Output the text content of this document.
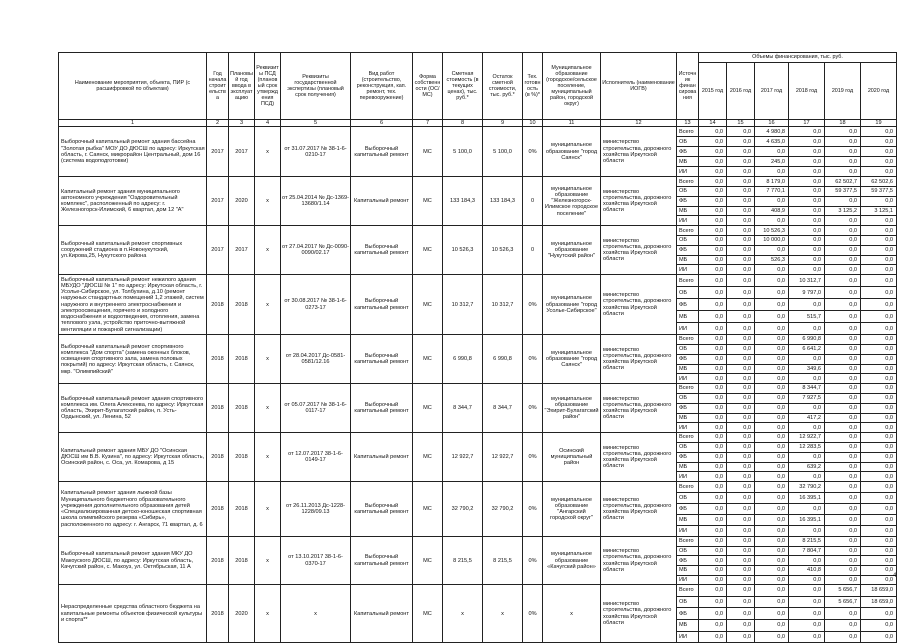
Наименование мероприятия, объекта, ПИР (с расшифровкой по объектам)	Год начала строительства	Плановый год ввода в эксплуатацию	Реквизиты ПСД (плановый срок утверждения ПСД)	Реквизиты государственной экспертизы (плановый срок получения)	Вид работ (строительство, реконструкция, кап. ремонт, тех. перевооружение)	Форма собственности (ОС/ МС)	Сметная стоимость (в текущих ценах), тыс. руб.*	Остаток сметной стоимости, тыс. руб.*	Тех. готовность (в %)*	Муниципальное образование (городское/сельское поселение, муниципальный район, городской округ)	Исполнитель (наименование ИОГВ)	Источник финансирования	Объемы финансирования, тыс. руб.					
													2015 год	2016 год	2017 год	2018 год	2019 год	2020 год
1	2	3	4	5	6	7	8	9	10	11	12	13	14	15	16	17	18	19
Выборочный капитальный ремонт здания бассейна "Золотая рыбка" МОУ ДО ДЮСШ по адресу: Иркутская область, г. Саянск, микрорайон Центральный, дом 16 (система водоподготовки)	2017	2017	x	от 31.07.2017 № 38-1-6-0210-17	Выборочный капитальный ремонт	МС	5 100,0	5 100,0	0%	муниципальное образование "город Саянск"	министерство строительства, дорожного хозяйства Иркутской области	Всего	0,0	0,0	4 980,8	0,0	0,0	0,0
												ОБ	0,0	0,0	4 635,0	0,0	0,0	0,0
												ФБ	0,0	0,0	0,0	0,0	0,0	0,0
												МБ	0,0	0,0	245,0	0,0	0,0	0,0
												ИИ	0,0	0,0	0,0	0,0	0,0	0,0
Капитальный ремонт здания муниципального автономного учреждения "Оздоровительный комплекс", расположенный по адресу: г. Железногорск-Илимский, 6 квартал, дом 12 "А"	2017	2020	x	от 25.04.2014 № Дс-1369-13680/1.14	Капитальный ремонт	МС	133 184,3	133 184,3	0	муниципальное образование "Железногорск-Илимское городское поселение"	министерство строительства, дорожного хозяйства Иркутской области	Всего	0,0	0,0	8 179,0	0,0	62 502,7	62 502,6
												ОБ	0,0	0,0	7 770,1	0,0	59 377,5	59 377,5
												ФБ	0,0	0,0	0,0	0,0	0,0	0,0
												МБ	0,0	0,0	408,9	0,0	3 125,2	3 125,1
												ИИ	0,0	0,0	0,0	0,0	0,0	0,0
Выборочный капитальный ремонт спортивных сооружений стадиона в п.Новонукутский, ул.Кирова,25, Нукутского района	2017	2017	x	от 27.04.2017 № Дс-0090-0090/02.17	Выборочный капитальный ремонт	МС	10 526,3	10 526,3	0	муниципальное образование "Нукутский район"	министерство строительства, дорожного хозяйства Иркутской области	Всего	0,0	0,0	10 526,3	0,0	0,0	0,0
												ОБ	0,0	0,0	10 000,0	0,0	0,0	0,0
												ФБ	0,0	0,0	0,0	0,0	0,0	0,0
												МБ	0,0	0,0	526,3	0,0	0,0	0,0
												ИИ	0,0	0,0	0,0	0,0	0,0	0,0
Выборочный капитальный ремонт нежилого здания МБУДО "ДЮСШ № 1" по адресу: Иркутская область, г. Усолье-Сибирское, ул. Толбухина, д.10 (ремонт наружных стандартных помещений 1,2 этажей, систем наружного и внутреннего электроснабжения и электроосвещения, горячего и холодного водоснабжения и водоотведения, отопления, замена теплового узла, устройство приточно-вытяжной вентиляции и пожарной сигнализации)	2018	2018	x	от 30.08.2017 № 38-1-6-0273-17	Выборочный капитальный ремонт	МС	10 312,7	10 312,7	0%	муниципальное образование "город Усолье-Сибирское"	министерство строительства, дорожного хозяйства Иркутской области	Всего	0,0	0,0	0,0	10 312,7	0,0	0,0
												ОБ	0,0	0,0	0,0	9 797,0	0,0	0,0
												ФБ	0,0	0,0	0,0	0,0	0,0	0,0
												МБ	0,0	0,0	0,0	515,7	0,0	0,0
												ИИ	0,0	0,0	0,0	0,0	0,0	0,0
Выборочный капитальный ремонт спортивного комплекса "Дом спорта" (замена оконных блоков, освещения спортивного зала, замена половых покрытий) по адресу: Иркутская область, г. Саянск, мкр. "Олимпийский"	2018	2018	x	от 28.04.2017 Дс-0581-0581/12.16	Выборочный капитальный ремонт	МС	6 990,8	6 990,8	0%	муниципальное образование "город Саянск"	министерство строительства, дорожного хозяйства Иркутской области	Всего	0,0	0,0	0,0	6 990,8	0,0	0,0
												ОБ	0,0	0,0	0,0	6 641,2	0,0	0,0
												ФБ	0,0	0,0	0,0	0,0	0,0	0,0
												МБ	0,0	0,0	0,0	349,6	0,0	0,0
												ИИ	0,0	0,0	0,0	0,0	0,0	0,0
Выборочный капитальный ремонт здания спортивного комплекса им. Олега Алексеева, по адресу: Иркутская область, Эхирит-Булагатский район, п. Усть-Ордынский, ул. Ленина, 52	2018	2018	x	от 05.07.2017 № 38-1-6-0117-17	Выборочный капитальный ремонт	МС	8 344,7	8 344,7	0%	муниципальное образование "Эхирит-Булагатский район"	министерство строительства, дорожного хозяйства Иркутской области	Всего	0,0	0,0	0,0	8 344,7	0,0	0,0
												ОБ	0,0	0,0	0,0	7 927,5	0,0	0,0
												ФБ	0,0	0,0	0,0	0,0	0,0	0,0
												МБ	0,0	0,0	0,0	417,2	0,0	0,0
												ИИ	0,0	0,0	0,0	0,0	0,0	0,0
Капитальный ремонт здания МБУ ДО "Осинская ДЮСШ им В.В. Кузина", по адресу: Иркутская область, Осинский район, с. Оса, ул. Комарова, д 15	2018	2018	x	от 12.07.2017 38-1-6-0149-17	Капитальный ремонт	МС	12 922,7	12 922,7	0%	Осинский муниципальный район	министерство строительства, дорожного хозяйства Иркутской области	Всего	0,0	0,0	0,0	12 922,7	0,0	0,0
												ОБ	0,0	0,0	0,0	12 283,5	0,0	0,0
												ФБ	0,0	0,0	0,0	0,0	0,0	0,0
												МБ	0,0	0,0	0,0	639,2	0,0	0,0
												ИИ	0,0	0,0	0,0	0,0	0,0	0,0
Капитальный ремонт здания лыжной базы Муниципального бюджетного образовательного учреждения дополнительного образования детей «Специализированная детско-юношеская спортивная школа олимпийского резерва «Сибирь», расположенного по адресу: г. Ангарск, 71 квартал, д. 6	2018	2018	x	от 26.11.2013 Дс-1228-1228/09.13	Выборочный капитальный ремонт	МС	32 790,2	32 790,2	0%	муниципальное образование "Ангарский городской округ"	министерство строительства, дорожного хозяйства Иркутской области	Всего	0,0	0,0	0,0	32 790,2	0,0	0,0
												ОБ	0,0	0,0	0,0	16 395,1	0,0	0,0
												ФБ	0,0	0,0	0,0	0,0	0,0	0,0
												МБ	0,0	0,0	0,0	16 395,1	0,0	0,0
												ИИ	0,0	0,0	0,0	0,0	0,0	0,0
Выборочный капитальный ремонт здания МКУ ДО Макоуского ДЮСШ, по адресу: Иркутская область, Качугский район, с. Макоуз, ул. Октябрьская, 11 А	2018	2018	x	от 13.10.2017 38-1-6-0370-17	Выборочный капитальный ремонт	МС	8 215,5	8 215,5	0%	муниципальное образование «Качугский район»	министерство строительства, дорожного хозяйства Иркутской области	Всего	0,0	0,0	0,0	8 215,5	0,0	0,0
												ОБ	0,0	0,0	0,0	7 804,7	0,0	0,0
												ФБ	0,0	0,0	0,0	0,0	0,0	0,0
												МБ	0,0	0,0	0,0	410,8	0,0	0,0
												ИИ	0,0	0,0	0,0	0,0	0,0	0,0
Нераспределенные средства областного бюджета на капитальные ремонты объектов физической культуры и спорта**	2018	2020	x	x	Капитальный ремонт	МС	x	x	0%	x	министерство строительства, дорожного хозяйства Иркутской области	Всего	0,0	0,0	0,0	0,0	5 656,7	18 659,0
												ОБ	0,0	0,0	0,0	0,0	5 656,7	18 659,0
												ФБ	0,0	0,0	0,0	0,0	0,0	0,0
												МБ	0,0	0,0	0,0	0,0	0,0	0,0
												ИИ	0,0	0,0	0,0	0,0	0,0	0,0
4
